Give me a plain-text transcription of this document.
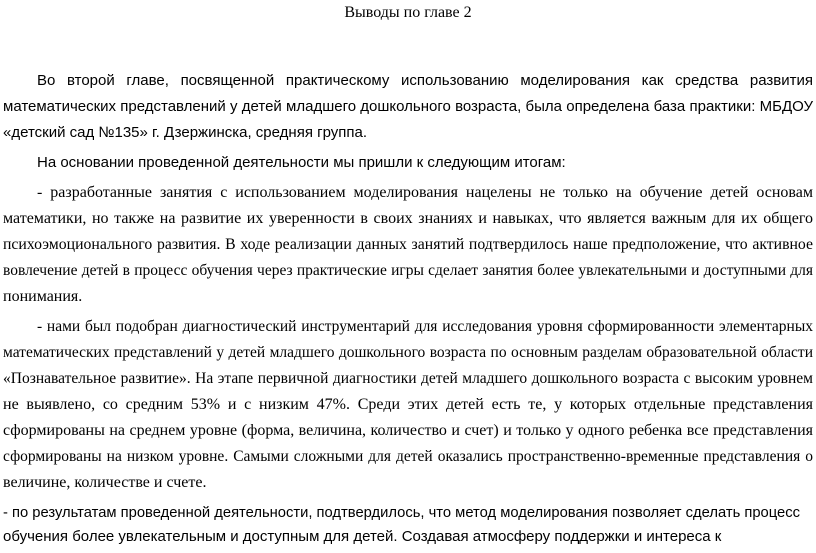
Выводы по главе 2
Во второй главе, посвященной практическому использованию моделирования как средства развития
математических представлений у детей младшего дошкольного возраста, была определена база практики: МБДОУ
«детский сад №135» г. Дзержинска, средняя группа.
На основании проведенной деятельности мы пришли к следующим итогам:
- разработанные занятия с использованием моделирования нацелены не только на обучение детей основам
математики, но также на развитие их уверенности в своих знаниях и навыках, что является важным для их общего
психоэмоционального развития. В ходе реализации данных занятий подтвердилось наше предположение, что активное
вовлечение детей в процесс обучения через практические игры сделает занятия более увлекательными и доступными для
понимания.
- нами был подобран диагностический инструментарий для исследования уровня сформированности элементарных
математических представлений у детей младшего дошкольного возраста по основным разделам образовательной области
«Познавательное развитие». На этапе первичной диагностики детей младшего дошкольного возраста с высоким уровнем
не выявлено, со средним 53% и с низким 47%. Среди этих детей есть те, у которых отдельные представления
сформированы на среднем уровне (форма, величина, количество и счет) и только у одного ребенка все представления
сформированы на низком уровне. Самыми сложными для детей оказались пространственно-временные представления о
величине, количестве и счете.
- по результатам проведенной деятельности, подтвердилось, что метод моделирования позволяет сделать процесс
обучения более увлекательным и доступным для детей. Создавая атмосферу поддержки и интереса к
